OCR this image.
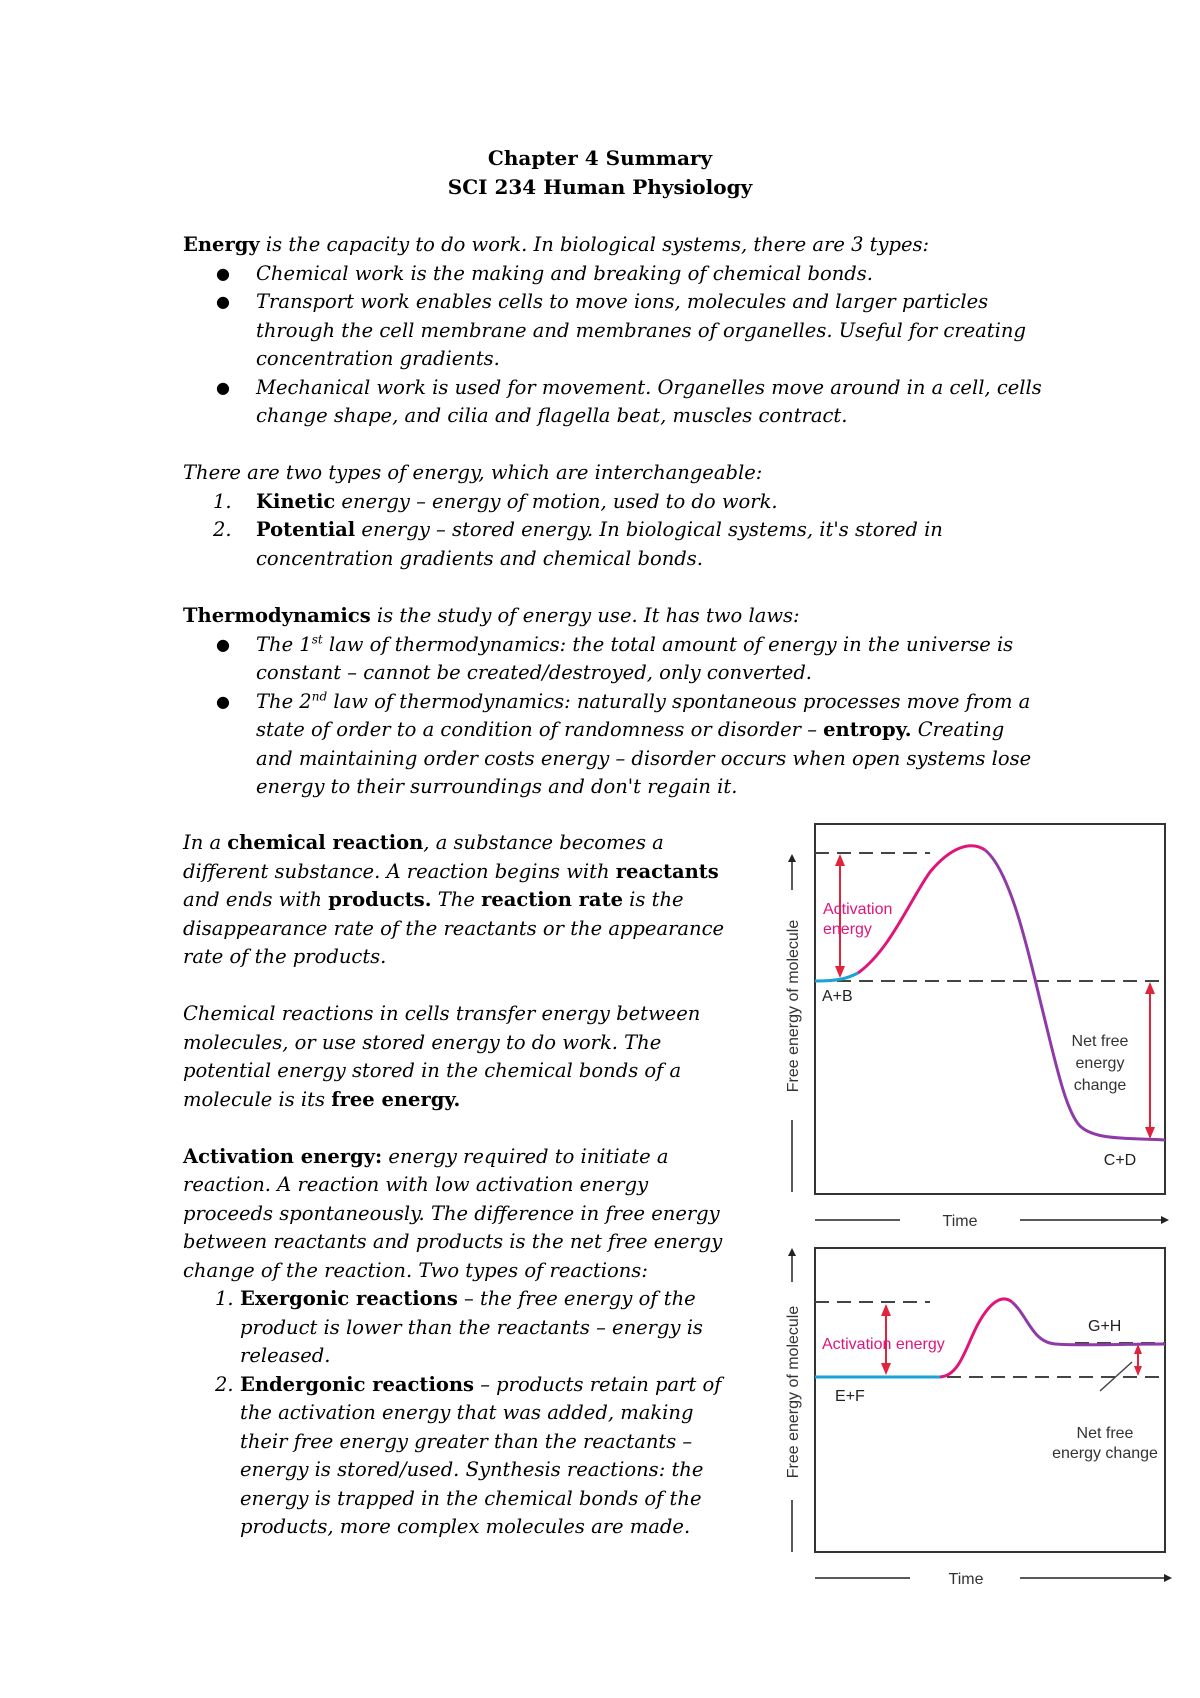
Chapter 4 Summary
SCI 234 Human Physiology

Energy is the capacity to do work. In biological systems, there are 3 types:

● Chemical work is the making and breaking of chemical bonds.
● Transport work enables cells to move ions, molecules and larger particles through the cell membrane and membranes of organelles. Useful for creating concentration gradients.
● Mechanical work is used for movement. Organelles move around in a cell, cells change shape, and cilia and flagella beat, muscles contract.

There are two types of energy, which are interchangeable:

1. Kinetic energy – energy of motion, used to do work.
2. Potential energy – stored energy. In biological systems, it's stored in concentration gradients and chemical bonds.

Thermodynamics is the study of energy use. It has two laws:

● The 1st law of thermodynamics: the total amount of energy in the universe is constant – cannot be created/destroyed, only converted.
● The 2nd law of thermodynamics: naturally spontaneous processes move from a state of order to a condition of randomness or disorder – entropy. Creating and maintaining order costs energy – disorder occurs when open systems lose energy to their surroundings and don't regain it.

In a chemical reaction, a substance becomes a different substance. A reaction begins with reactants and ends with products. The reaction rate is the disappearance rate of the reactants or the appearance rate of the products.

Chemical reactions in cells transfer energy between molecules, or use stored energy to do work. The potential energy stored in the chemical bonds of a molecule is its free energy.

Activation energy: energy required to initiate a reaction. A reaction with low activation energy proceeds spontaneously. The difference in free energy between reactants and products is the net free energy change of the reaction. Two types of reactions:

1. Exergonic reactions – the free energy of the product is lower than the reactants – energy is released.
2. Endergonic reactions – products retain part of the activation energy that was added, making their free energy greater than the reactants – energy is stored/used. Synthesis reactions: the energy is trapped in the chemical bonds of the products, more complex molecules are made.
Activation
energy
A+B
C+D
Net free
energy
change
Free energy of molecule
Time
Activation energy
E+F
G+H
Net free
energy change
Free energy of molecule
Time
